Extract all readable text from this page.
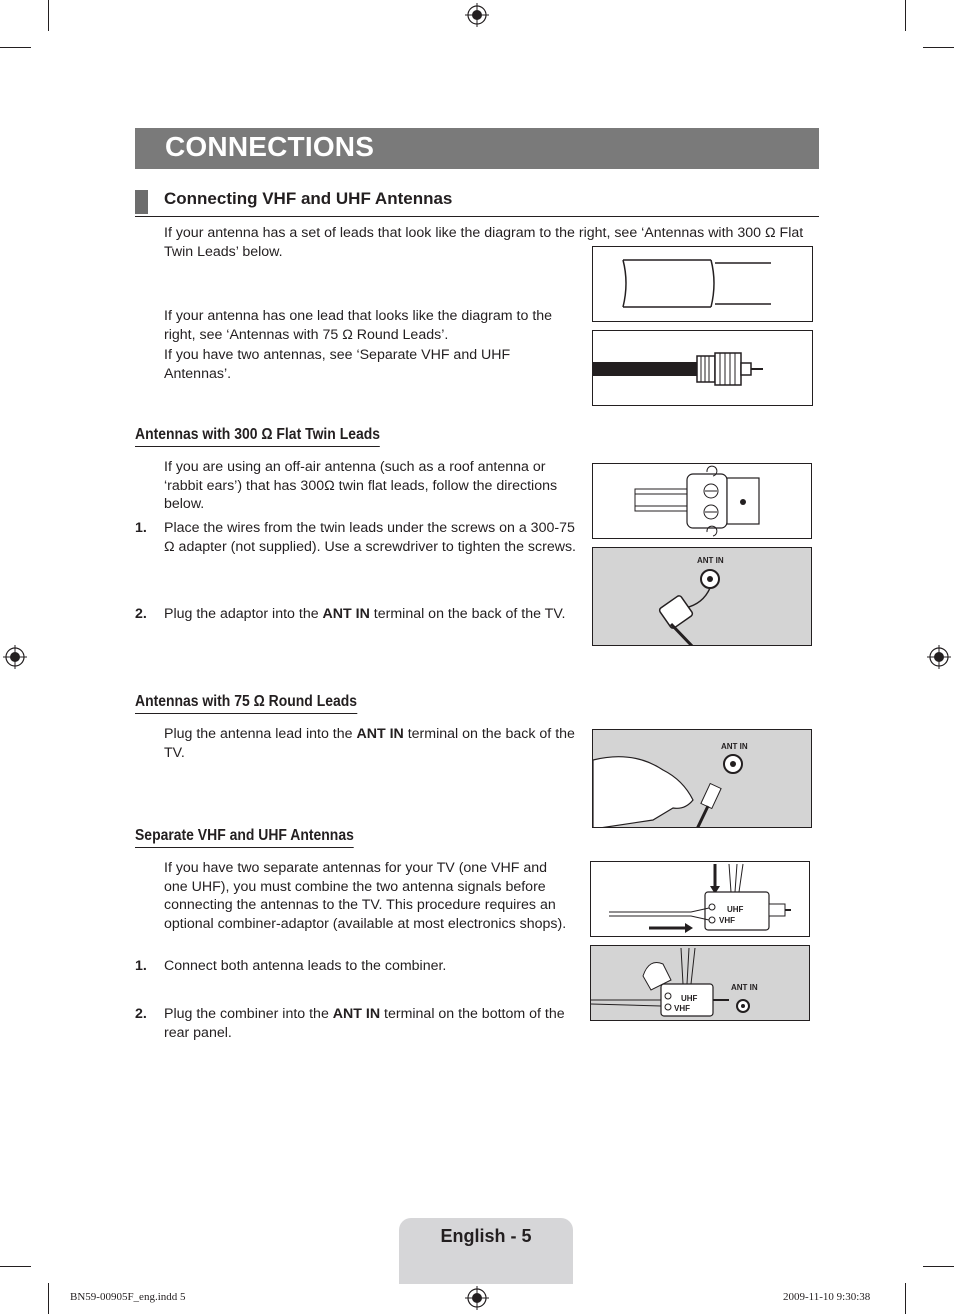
CONNECTIONS
Connecting VHF and UHF Antennas
If your antenna has a set of leads that look like the diagram to the right, see ‘Antennas with 300 Ω Flat Twin Leads’ below.
If your antenna has one lead that looks like the diagram to the right, see ‘Antennas with 75 Ω Round Leads’.
If you have two antennas, see ‘Separate VHF and UHF Antennas’.
Antennas with 300 Ω Flat Twin Leads
If you are using an off-air antenna (such as a roof antenna or ‘rabbit ears’) that has 300Ω twin flat leads, follow the directions below.
1. Place the wires from the twin leads under the screws on a 300-75 Ω adapter (not supplied). Use a screwdriver to tighten the screws.
2. Plug the adaptor into the ANT IN terminal on the back of the TV.
ANT IN
Antennas with 75 Ω Round Leads
Plug the antenna lead into the ANT IN terminal on the back of the TV.	ANT IN
Separate VHF and UHF Antennas
If you have two separate antennas for your TV (one VHF and one UHF), you must combine the two antenna signals before connecting the antennas to the TV. This procedure requires an optional combiner-adaptor (available at most electronics shops).
1. Connect both antenna leads to the combiner.
2. Plug the combiner into the ANT IN terminal on the bottom of the rear panel.
UHF
VHF
UHF
VHF
ANT IN
English - 5
BN59-00905F_eng.indd 5	2009-11-10 9:30:38
